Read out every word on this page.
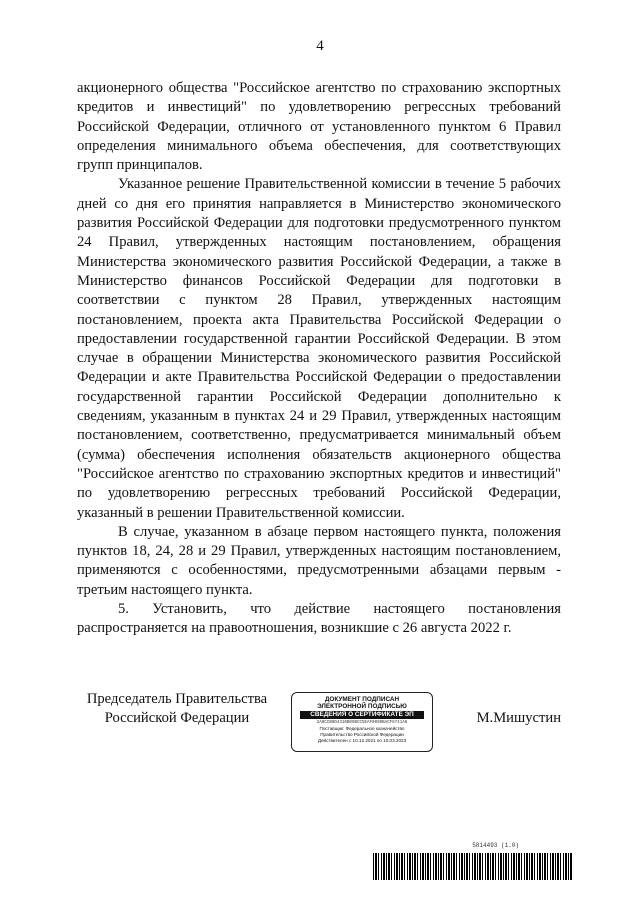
4

акционерного общества "Российское агентство по страхованию экспортных кредитов и инвестиций" по удовлетворению регрессных требований Российской Федерации, отличного от установленного пунктом 6 Правил определения минимального объема обеспечения, для соответствующих групп принципалов.

Указанное решение Правительственной комиссии в течение 5 рабочих дней со дня его принятия направляется в Министерство экономического развития Российской Федерации для подготовки предусмотренного пунктом 24 Правил, утвержденных настоящим постановлением, обращения Министерства экономического развития Российской Федерации, а также в Министерство финансов Российской Федерации для подготовки в соответствии с пунктом 28 Правил, утвержденных настоящим постановлением, проекта акта Правительства Российской Федерации о предоставлении государственной гарантии Российской Федерации. В этом случае в обращении Министерства экономического развития Российской Федерации и акте Правительства Российской Федерации о предоставлении государственной гарантии Российской Федерации дополнительно к сведениям, указанным в пунктах 24 и 29 Правил, утвержденных настоящим постановлением, соответственно, предусматривается минимальный объем (сумма) обеспечения исполнения обязательств акционерного общества "Российское агентство по страхованию экспортных кредитов и инвестиций" по удовлетворению регрессных требований Российской Федерации, указанный в решении Правительственной комиссии.

В случае, указанном в абзаце первом настоящего пункта, положения пунктов 18, 24, 28 и 29 Правил, утвержденных настоящим постановлением, применяются с особенностями, предусмотренными абзацами первым - третьим настоящего пункта.

5. Установить, что действие настоящего постановления распространяется на правоотношения, возникшие с 26 августа 2022 г.

Председатель Правительства
Российской Федерации
ДОКУМЕНТ ПОДПИСАН
ЭЛЕКТРОННОЙ ПОДПИСЬЮ
СВЕДЕНИЯ О СЕРТИФИКАТЕ ЭП
2A0CCB0D4310B09BCC5EAF0090BACF6741A8
Поставщик: Федеральное казначейство
Правительство Российской Федерации
Действителен с 10.12.2021 по 10.03.2023
М.Мишустин
5814493 (1.0)
